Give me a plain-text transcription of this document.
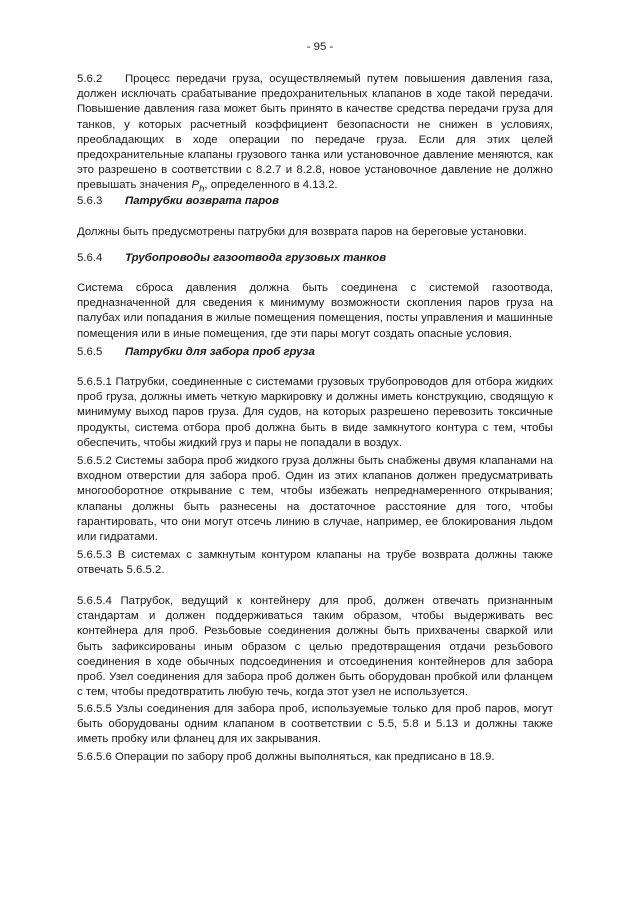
- 95 -
5.6.2 Процесс передачи груза, осуществляемый путем повышения давления газа, должен исключать срабатывание предохранительных клапанов в ходе такой передачи. Повышение давления газа может быть принято в качестве средства передачи груза для танков, у которых расчетный коэффициент безопасности не снижен в условиях, преобладающих в ходе операции по передаче груза. Если для этих целей предохранительные клапаны грузового танка или установочное давление меняются, как это разрешено в соответствии с 8.2.7 и 8.2.8, новое установочное давление не должно превышать значения $P_h$, определенного в 4.13.2.
5.6.3	Патрубки возврата паров
Должны быть предусмотрены патрубки для возврата паров на береговые установки.
5.6.4	Трубопроводы газоотвода грузовых танков
Система сброса давления должна быть соединена с системой газоотвода, предназначенной для сведения к минимуму возможности скопления паров груза на палубах или попадания в жилые помещения помещения, посты управления и машинные помещения или в иные помещения, где эти пары могут создать опасные условия.
5.6.5	Патрубки для забора проб груза
5.6.5.1 Патрубки, соединенные с системами грузовых трубопроводов для отбора жидких проб груза, должны иметь четкую маркировку и должны иметь конструкцию, сводящую к минимуму выход паров груза. Для судов, на которых разрешено перевозить токсичные продукты, система отбора проб должна быть в виде замкнутого контура с тем, чтобы обеспечить, чтобы жидкий груз и пары не попадали в воздух.
5.6.5.2 Системы забора проб жидкого груза должны быть снабжены двумя клапанами на входном отверстии для забора проб. Один из этих клапанов должен предусматривать многооборотное открывание с тем, чтобы избежать непреднамеренного открывания; клапаны должны быть разнесены на достаточное расстояние для того, чтобы гарантировать, что они могут отсечь линию в случае, например, ее блокирования льдом или гидратами.
5.6.5.3 В системах с замкнутым контуром клапаны на трубе возврата должны также отвечать 5.6.5.2.
5.6.5.4 Патрубок, ведущий к контейнеру для проб, должен отвечать признанным стандартам и должен поддерживаться таким образом, чтобы выдерживать вес контейнера для проб. Резьбовые соединения должны быть прихвачены сваркой или быть зафиксированы иным образом с целью предотвращения отдачи резьбового соединения в ходе обычных подсоединения и отсоединения контейнеров для забора проб. Узел соединения для забора проб должен быть оборудован пробкой или фланцем с тем, чтобы предотвратить любую течь, когда этот узел не используется.
5.6.5.5 Узлы соединения для забора проб, используемые только для проб паров, могут быть оборудованы одним клапаном в соответствии с 5.5, 5.8 и 5.13 и должны также иметь пробку или фланец для их закрывания.
5.6.5.6 Операции по забору проб должны выполняться, как предписано в 18.9.
